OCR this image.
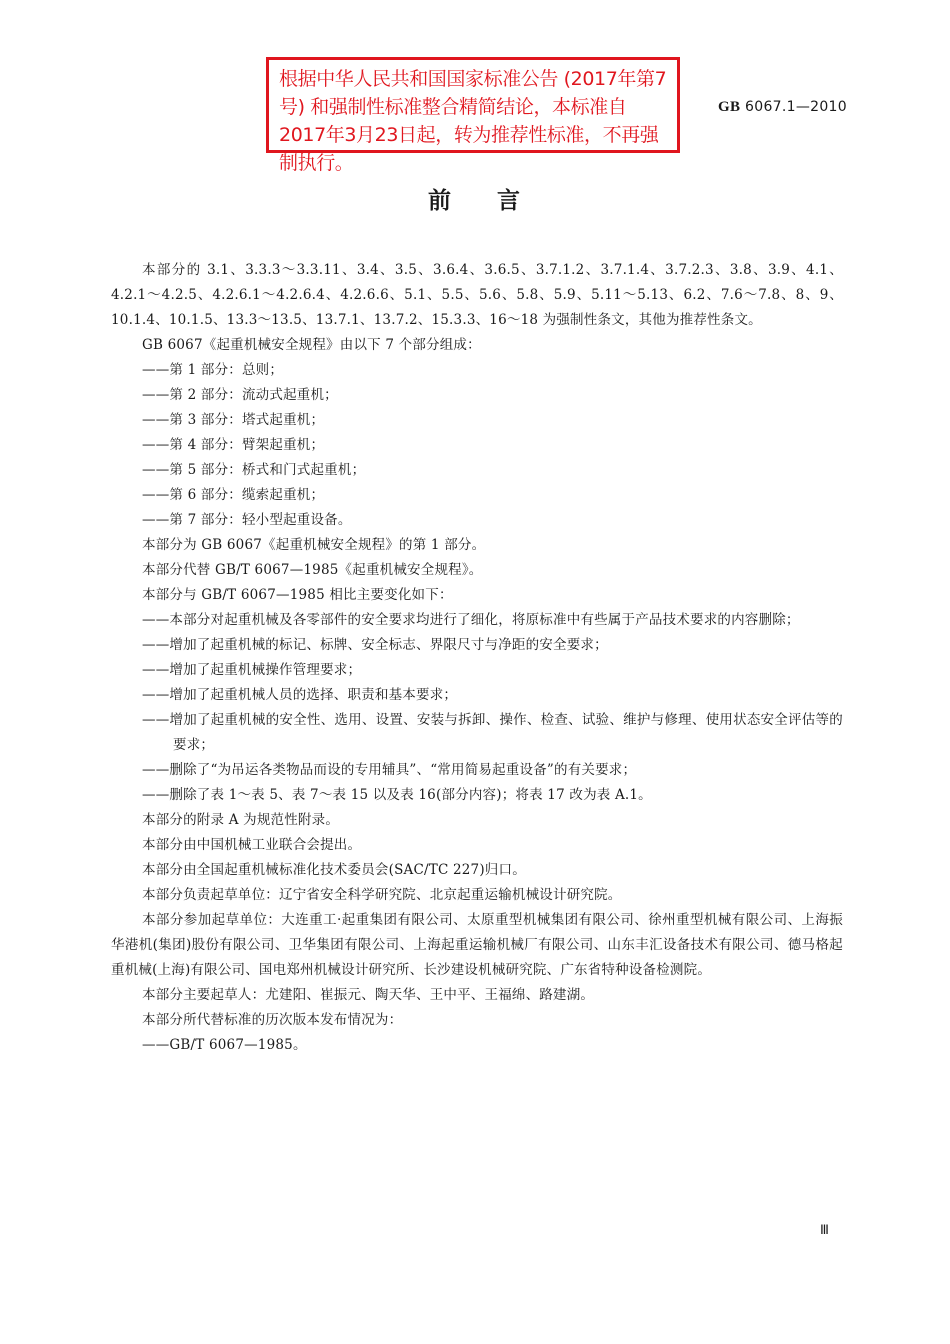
根据中华人民共和国国家标准公告 (2017年第7号) 和强制性标准整合精简结论，本标准自2017年3月23日起，转为推荐性标准，不再强制执行。
GB 6067.1—2010
前 言

本部分的 3.1、3.3.3～3.3.11、3.4、3.5、3.6.4、3.6.5、3.7.1.2、3.7.1.4、3.7.2.3、3.8、3.9、4.1、4.2.1～4.2.5、4.2.6.1～4.2.6.4、4.2.6.6、5.1、5.5、5.6、5.8、5.9、5.11～5.13、6.2、7.6～7.8、8、9、10.1.4、10.1.5、13.3～13.5、13.7.1、13.7.2、15.3.3、16～18 为强制性条文，其他为推荐性条文。

GB 6067《起重机械安全规程》由以下 7 个部分组成：

——第 1 部分：总则；

——第 2 部分：流动式起重机；

——第 3 部分：塔式起重机；

——第 4 部分：臂架起重机；

——第 5 部分：桥式和门式起重机；

——第 6 部分：缆索起重机；

——第 7 部分：轻小型起重设备。

本部分为 GB 6067《起重机械安全规程》的第 1 部分。

本部分代替 GB/T 6067—1985《起重机械安全规程》。

本部分与 GB/T 6067—1985 相比主要变化如下：

——本部分对起重机械及各零部件的安全要求均进行了细化，将原标准中有些属于产品技术要求的内容删除；

——增加了起重机械的标记、标牌、安全标志、界限尺寸与净距的安全要求；

——增加了起重机械操作管理要求；

——增加了起重机械人员的选择、职责和基本要求；

——增加了起重机械的安全性、选用、设置、安装与拆卸、操作、检查、试验、维护与修理、使用状态安全评估等的要求；

——删除了“为吊运各类物品而设的专用辅具”、“常用简易起重设备”的有关要求；

——删除了表 1～表 5、表 7～表 15 以及表 16(部分内容)；将表 17 改为表 A.1。

本部分的附录 A 为规范性附录。

本部分由中国机械工业联合会提出。

本部分由全国起重机械标准化技术委员会(SAC/TC 227)归口。

本部分负责起草单位：辽宁省安全科学研究院、北京起重运输机械设计研究院。

本部分参加起草单位：大连重工·起重集团有限公司、太原重型机械集团有限公司、徐州重型机械有限公司、上海振华港机(集团)股份有限公司、卫华集团有限公司、上海起重运输机械厂有限公司、山东丰汇设备技术有限公司、德马格起重机械(上海)有限公司、国电郑州机械设计研究所、长沙建设机械研究院、广东省特种设备检测院。

本部分主要起草人：尤建阳、崔振元、陶天华、王中平、王福绵、路建湖。

本部分所代替标准的历次版本发布情况为：

——GB/T 6067—1985。

Ⅲ
